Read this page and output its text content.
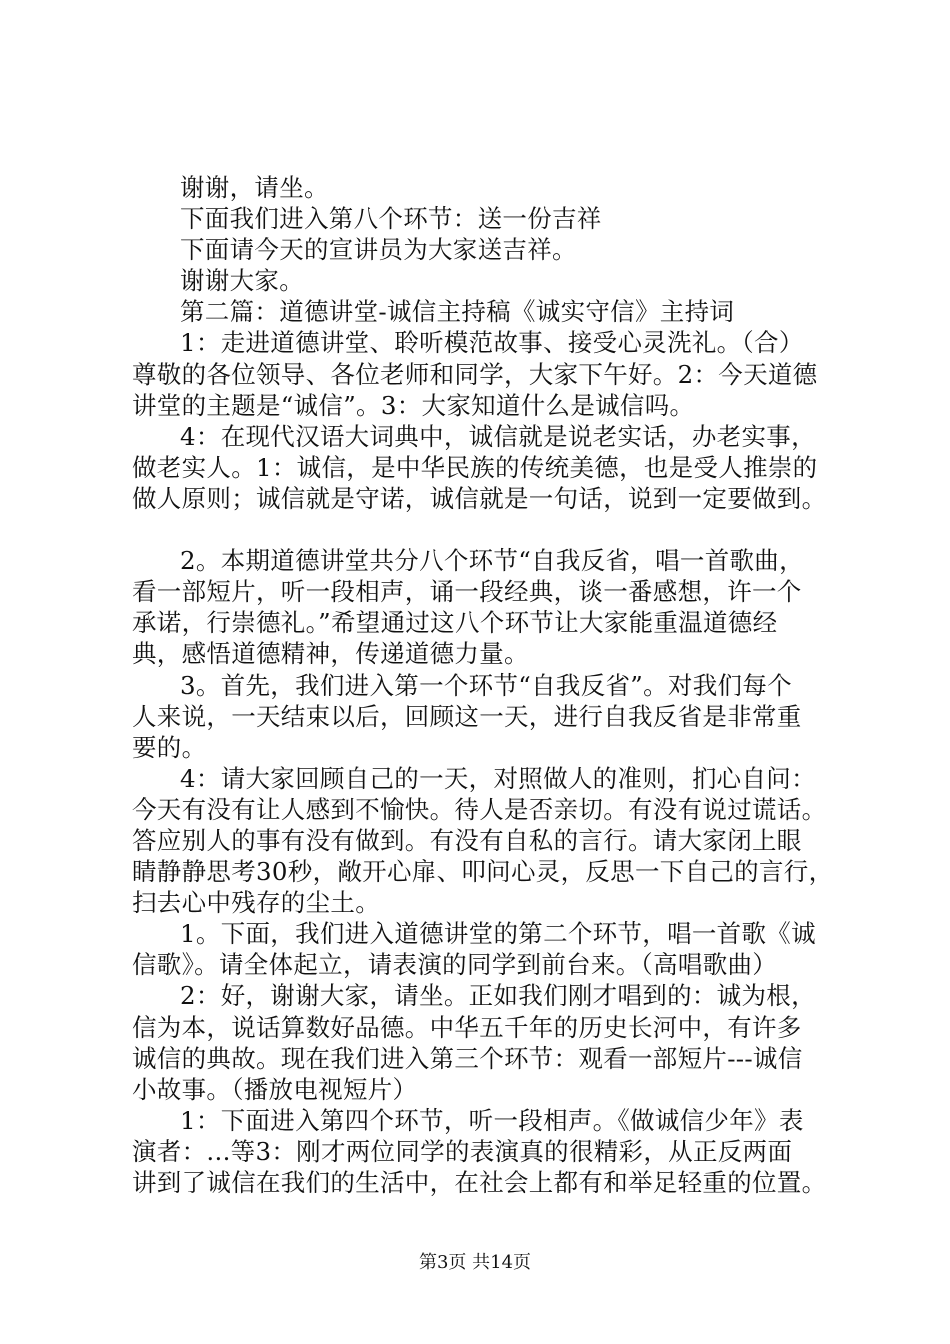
谢谢，请坐。
下面我们进入第八个环节：送一份吉祥
下面请今天的宣讲员为大家送吉祥。
谢谢大家。
第二篇：道德讲堂-诚信主持稿《诚实守信》主持词
1：走进道德讲堂、聆听模范故事、接受心灵洗礼。（合）
尊敬的各位领导、各位老师和同学，大家下午好。2：今天道德
讲堂的主题是“诚信”。3：大家知道什么是诚信吗。
4：在现代汉语大词典中，诚信就是说老实话，办老实事，
做老实人。1：诚信，是中华民族的传统美德，也是受人推崇的
做人原则；诚信就是守诺，诚信就是一句话，说到一定要做到。
2。本期道德讲堂共分八个环节“自我反省，唱一首歌曲，
看一部短片，听一段相声，诵一段经典，谈一番感想，许一个
承诺，行崇德礼。”希望通过这八个环节让大家能重温道德经
典，感悟道德精神，传递道德力量。
3。首先，我们进入第一个环节“自我反省”。对我们每个
人来说，一天结束以后，回顾这一天，进行自我反省是非常重
要的。
4：请大家回顾自己的一天，对照做人的准则，扪心自问：
今天有没有让人感到不愉快。待人是否亲切。有没有说过谎话。
答应别人的事有没有做到。有没有自私的言行。请大家闭上眼
睛静静思考30秒，敞开心扉、叩问心灵，反思一下自己的言行，
扫去心中残存的尘土。
1。下面，我们进入道德讲堂的第二个环节，唱一首歌《诚
信歌》。请全体起立，请表演的同学到前台来。（高唱歌曲）
2：好，谢谢大家，请坐。正如我们刚才唱到的：诚为根，
信为本，说话算数好品德。中华五千年的历史长河中，有许多
诚信的典故。现在我们进入第三个环节：观看一部短片---诚信
小故事。（播放电视短片）
1：下面进入第四个环节，听一段相声。《做诚信少年》表
演者：...等3：刚才两位同学的表演真的很精彩，从正反两面
讲到了诚信在我们的生活中，在社会上都有和举足轻重的位置。
第3页 共14页
